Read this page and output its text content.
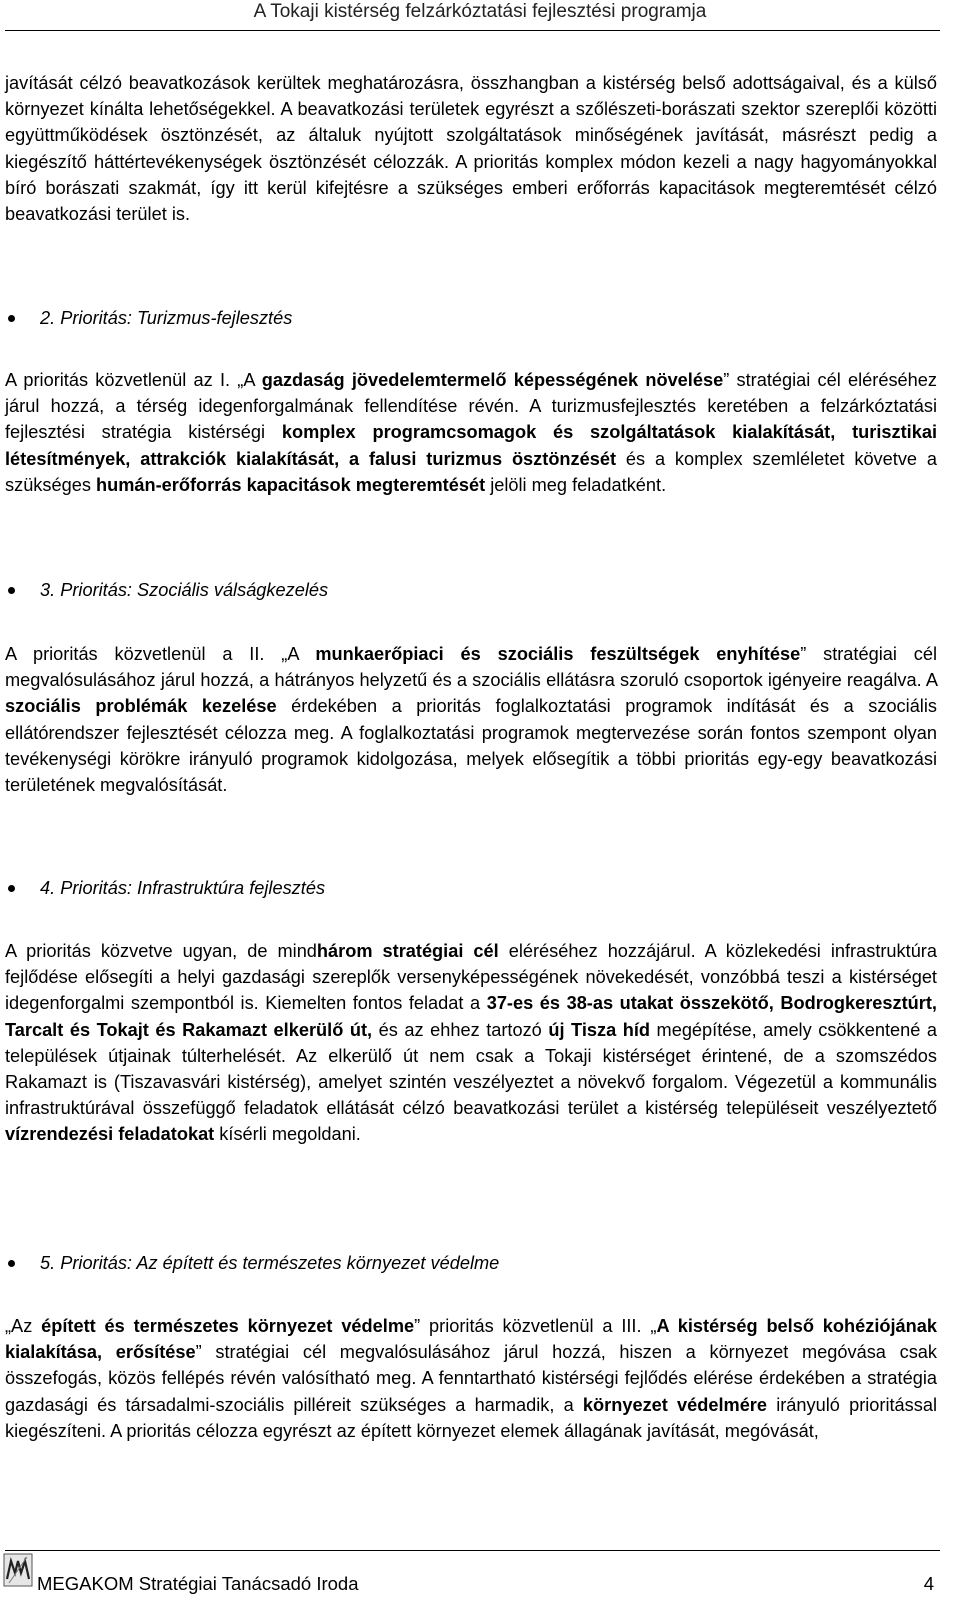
A Tokaji kistérség felzárkóztatási fejlesztési programja

javítását célzó beavatkozások kerültek meghatározásra, összhangban a kistérség belső adottságaival, és a külső környezet kínálta lehetőségekkel. A beavatkozási területek egyrészt a szőlészeti-borászati szektor szereplői közötti együttműködések ösztönzését, az általuk nyújtott szolgáltatások minőségének javítását, másrészt pedig a kiegészítő háttértevékenységek ösztönzését célozzák. A prioritás komplex módon kezeli a nagy hagyományokkal bíró borászati szakmát, így itt kerül kifejtésre a szükséges emberi erőforrás kapacitások megteremtését célzó beavatkozási terület is.

2. Prioritás: Turizmus-fejlesztés

A prioritás közvetlenül az I. „A gazdaság jövedelemtermelő képességének növelése” stratégiai cél eléréséhez járul hozzá, a térség idegenforgalmának fellendítése révén. A turizmusfejlesztés keretében a felzárkóztatási fejlesztési stratégia kistérségi komplex programcsomagok és szolgáltatások kialakítását, turisztikai létesítmények, attrakciók kialakítását, a falusi turizmus ösztönzését és a komplex szemléletet követve a szükséges humán-erőforrás kapacitások megteremtését jelöli meg feladatként.

3. Prioritás: Szociális válságkezelés

A prioritás közvetlenül a II. „A munkaerőpiaci és szociális feszültségek enyhítése” stratégiai cél megvalósulásához járul hozzá, a hátrányos helyzetű és a szociális ellátásra szoruló csoportok igényeire reagálva. A szociális problémák kezelése érdekében a prioritás foglalkoztatási programok indítását és a szociális ellátórendszer fejlesztését célozza meg. A foglalkoztatási programok megtervezése során fontos szempont olyan tevékenységi körökre irányuló programok kidolgozása, melyek elősegítik a többi prioritás egy-egy beavatkozási területének megvalósítását.

4. Prioritás: Infrastruktúra fejlesztés

A prioritás közvetve ugyan, de mindhárom stratégiai cél eléréséhez hozzájárul. A közlekedési infrastruktúra fejlődése elősegíti a helyi gazdasági szereplők versenyképességének növekedését, vonzóbbá teszi a kistérséget idegenforgalmi szempontból is. Kiemelten fontos feladat a 37-es és 38-as utakat összekötő, Bodrogkeresztúrt, Tarcalt és Tokajt és Rakamazt elkerülő út, és az ehhez tartozó új Tisza híd megépítése, amely csökkentené a települések útjainak túlterhelését. Az elkerülő út nem csak a Tokaji kistérséget érintené, de a szomszédos Rakamazt is (Tiszavasvári kistérség), amelyet szintén veszélyeztet a növekvő forgalom. Végezetül a kommunális infrastruktúrával összefüggő feladatok ellátását célzó beavatkozási terület a kistérség településeit veszélyeztető vízrendezési feladatokat kísérli megoldani.

5. Prioritás: Az épített és természetes környezet védelme

„Az épített és természetes környezet védelme” prioritás közvetlenül a III. „A kistérség belső kohéziójának kialakítása, erősítése” stratégiai cél megvalósulásához járul hozzá, hiszen a környezet megóvása csak összefogás, közös fellépés révén valósítható meg. A fenntartható kistérségi fejlődés elérése érdekében a stratégia gazdasági és társadalmi-szociális pilléreit szükséges a harmadik, a környezet védelmére irányuló prioritással kiegészíteni. A prioritás célozza egyrészt az épített környezet elemek állagának javítását, megóvását,

MEGAKOM Stratégiai Tanácsadó Iroda	4
